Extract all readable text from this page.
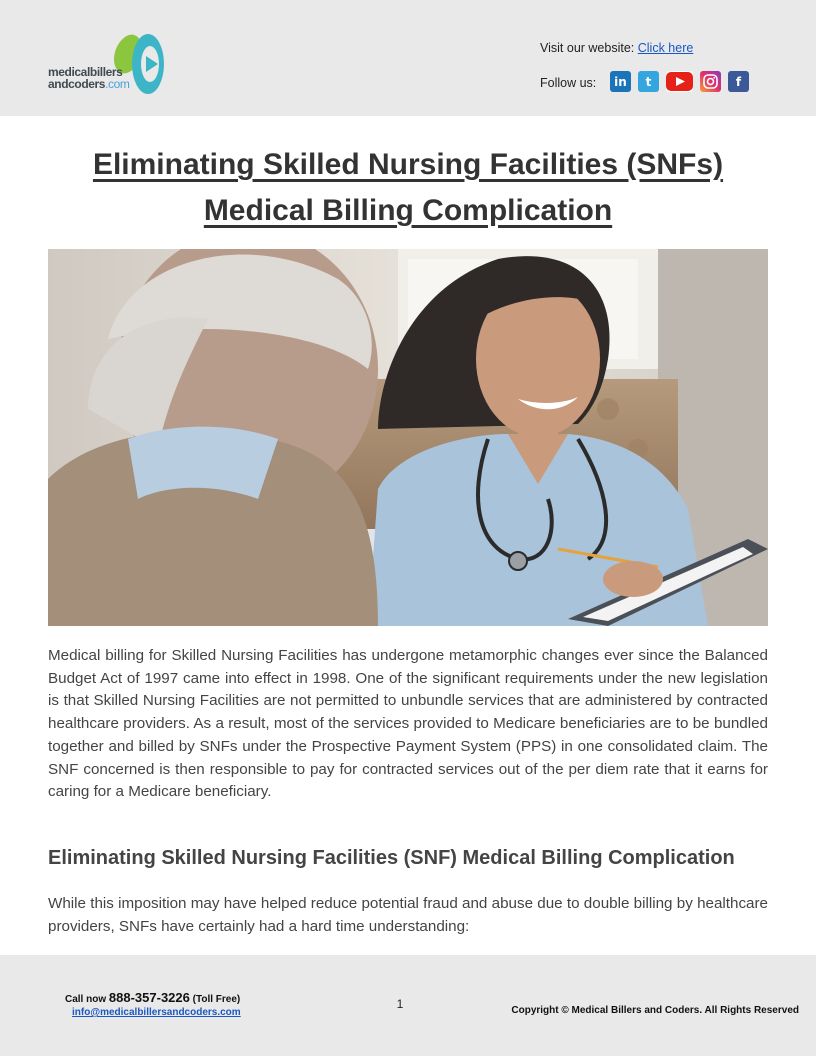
medicalbillers
andcoders.com
Visit our website: Click here
Follow us:	in	t	f
Eliminating Skilled Nursing Facilities (SNFs) Medical Billing Complication

Medical billing for Skilled Nursing Facilities has undergone metamorphic changes ever since the Balanced Budget Act of 1997 came into effect in 1998. One of the significant requirements under the new legislation is that Skilled Nursing Facilities are not permitted to unbundle services that are administered by contracted healthcare providers. As a result, most of the services provided to Medicare beneficiaries are to be bundled together and billed by SNFs under the Prospective Payment System (PPS) in one consolidated claim. The SNF concerned is then responsible to pay for contracted services out of the per diem rate that it earns for caring for a Medicare beneficiary.

Eliminating Skilled Nursing Facilities (SNF) Medical Billing Complication

While this imposition may have helped reduce potential fraud and abuse due to double billing by healthcare providers, SNFs have certainly had a hard time understanding:

Call now 888-357-3226 (Toll Free)
info@medicalbillersandcoders.com
1	Copyright © Medical Billers and Coders. All Rights Reserved
